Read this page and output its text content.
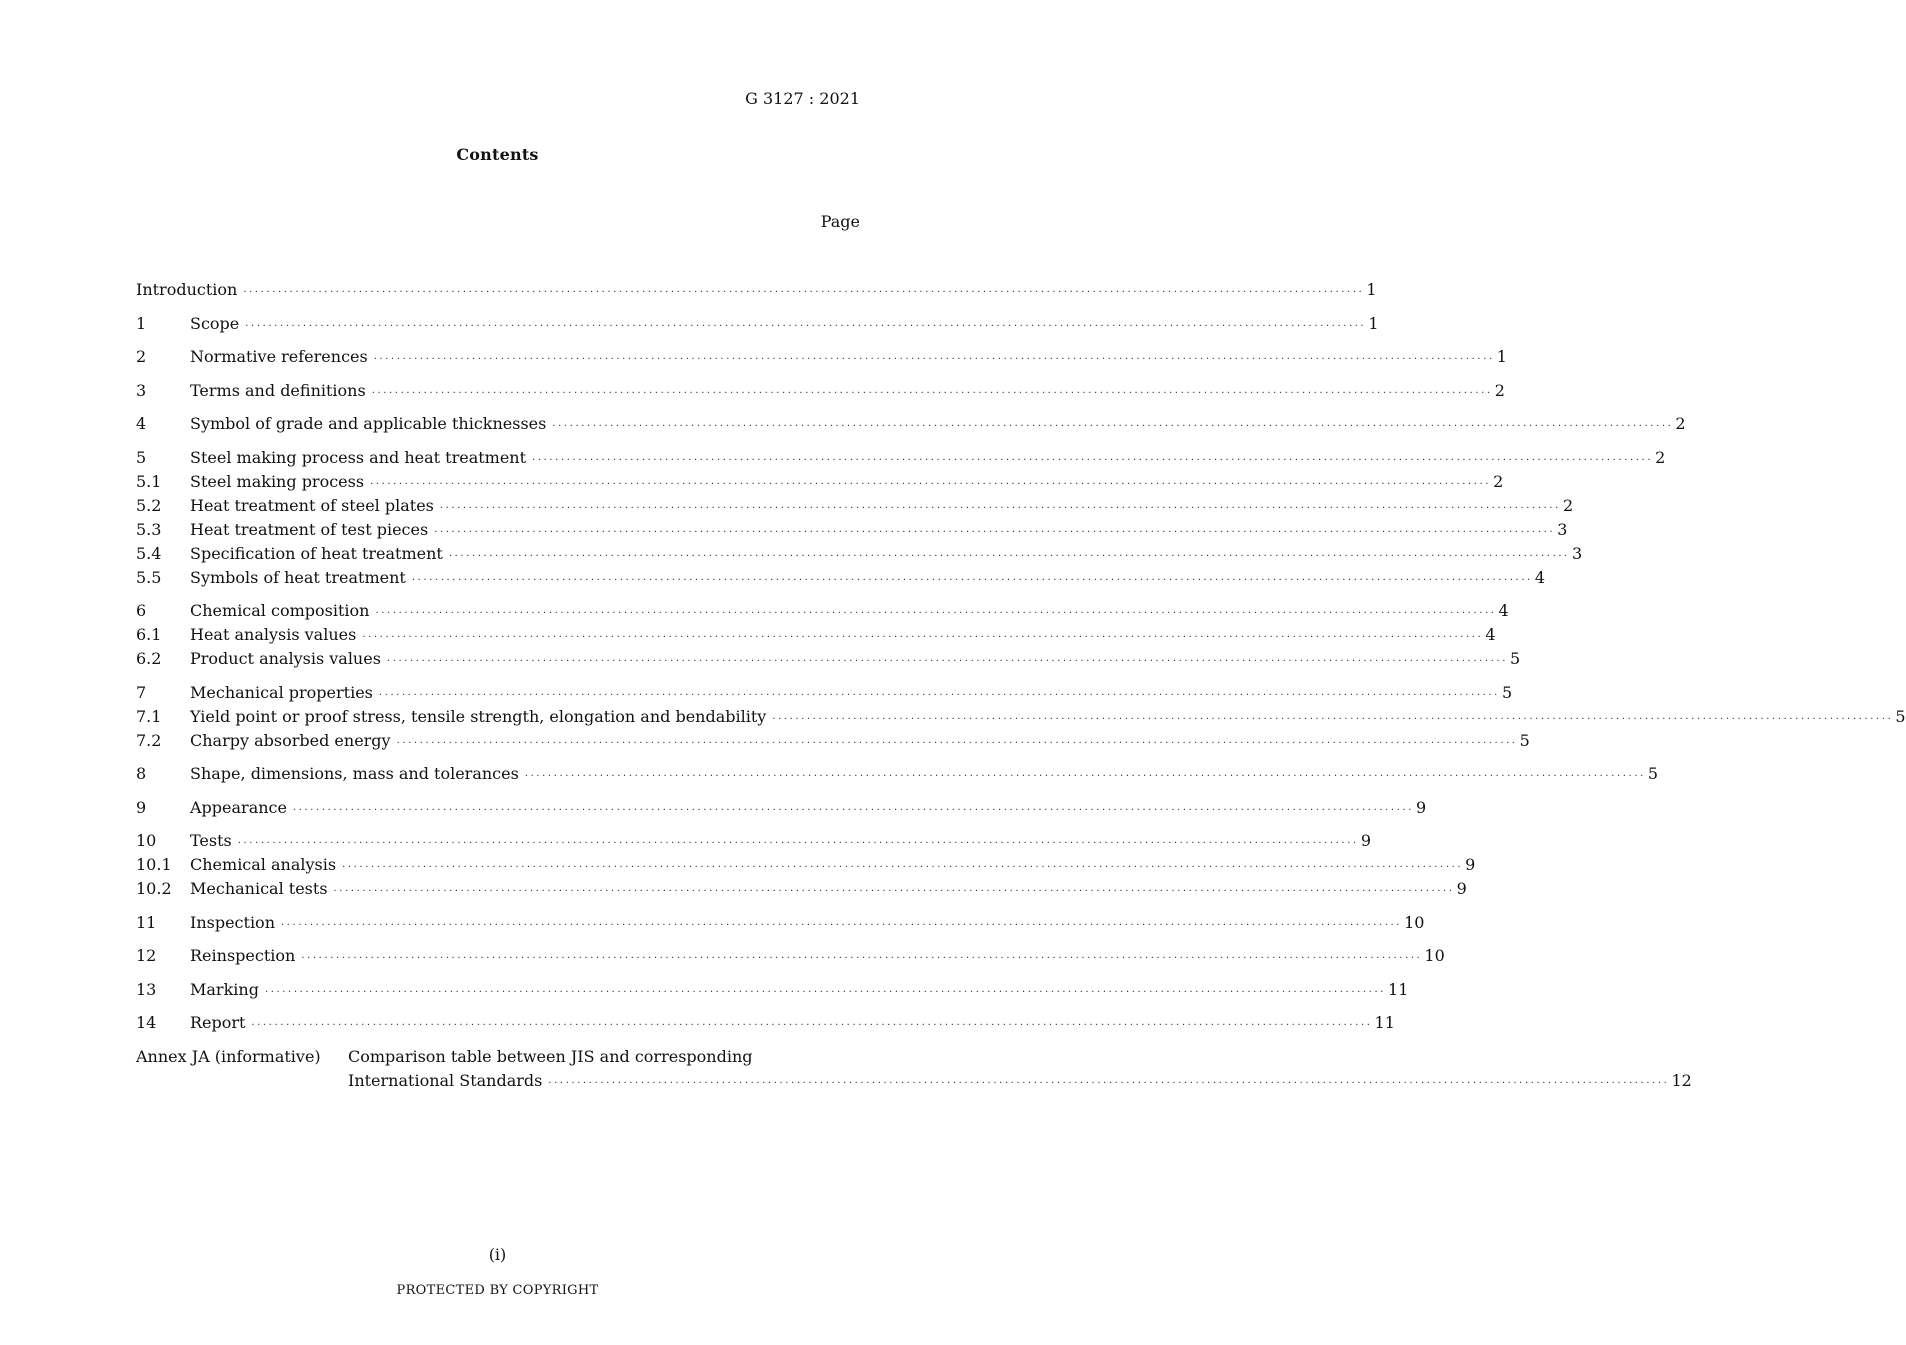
G 3127 : 2021
Contents
Page
Introduction ·····	1
1	Scope ·····	1
2	Normative references ·····	1
3	Terms and definitions ·····	2
4	Symbol of grade and applicable thicknesses ·····	2
5	Steel making process and heat treatment ·····	2
5.1	Steel making process ·····	2
5.2	Heat treatment of steel plates ·····	2
5.3	Heat treatment of test pieces ·····	3
5.4	Specification of heat treatment ·····	3
5.5	Symbols of heat treatment ·····	4
6	Chemical composition ·····	4
6.1	Heat analysis values ·····	4
6.2	Product analysis values ·····	5
7	Mechanical properties ·····	5
7.1	Yield point or proof stress, tensile strength, elongation and bendability ·····	5
7.2	Charpy absorbed energy ·····	5
8	Shape, dimensions, mass and tolerances ·····	5
9	Appearance ·····	9
10	Tests ·····	9
10.1	Chemical analysis ·····	9
10.2	Mechanical tests ·····	9
11	Inspection ·····	10
12	Reinspection ·····	10
13	Marking ·····	11
14	Report ·····	11
Annex JA (informative)	Comparison table between JIS and corresponding
International Standards ·····	12
(i)
PROTECTED BY COPYRIGHT
